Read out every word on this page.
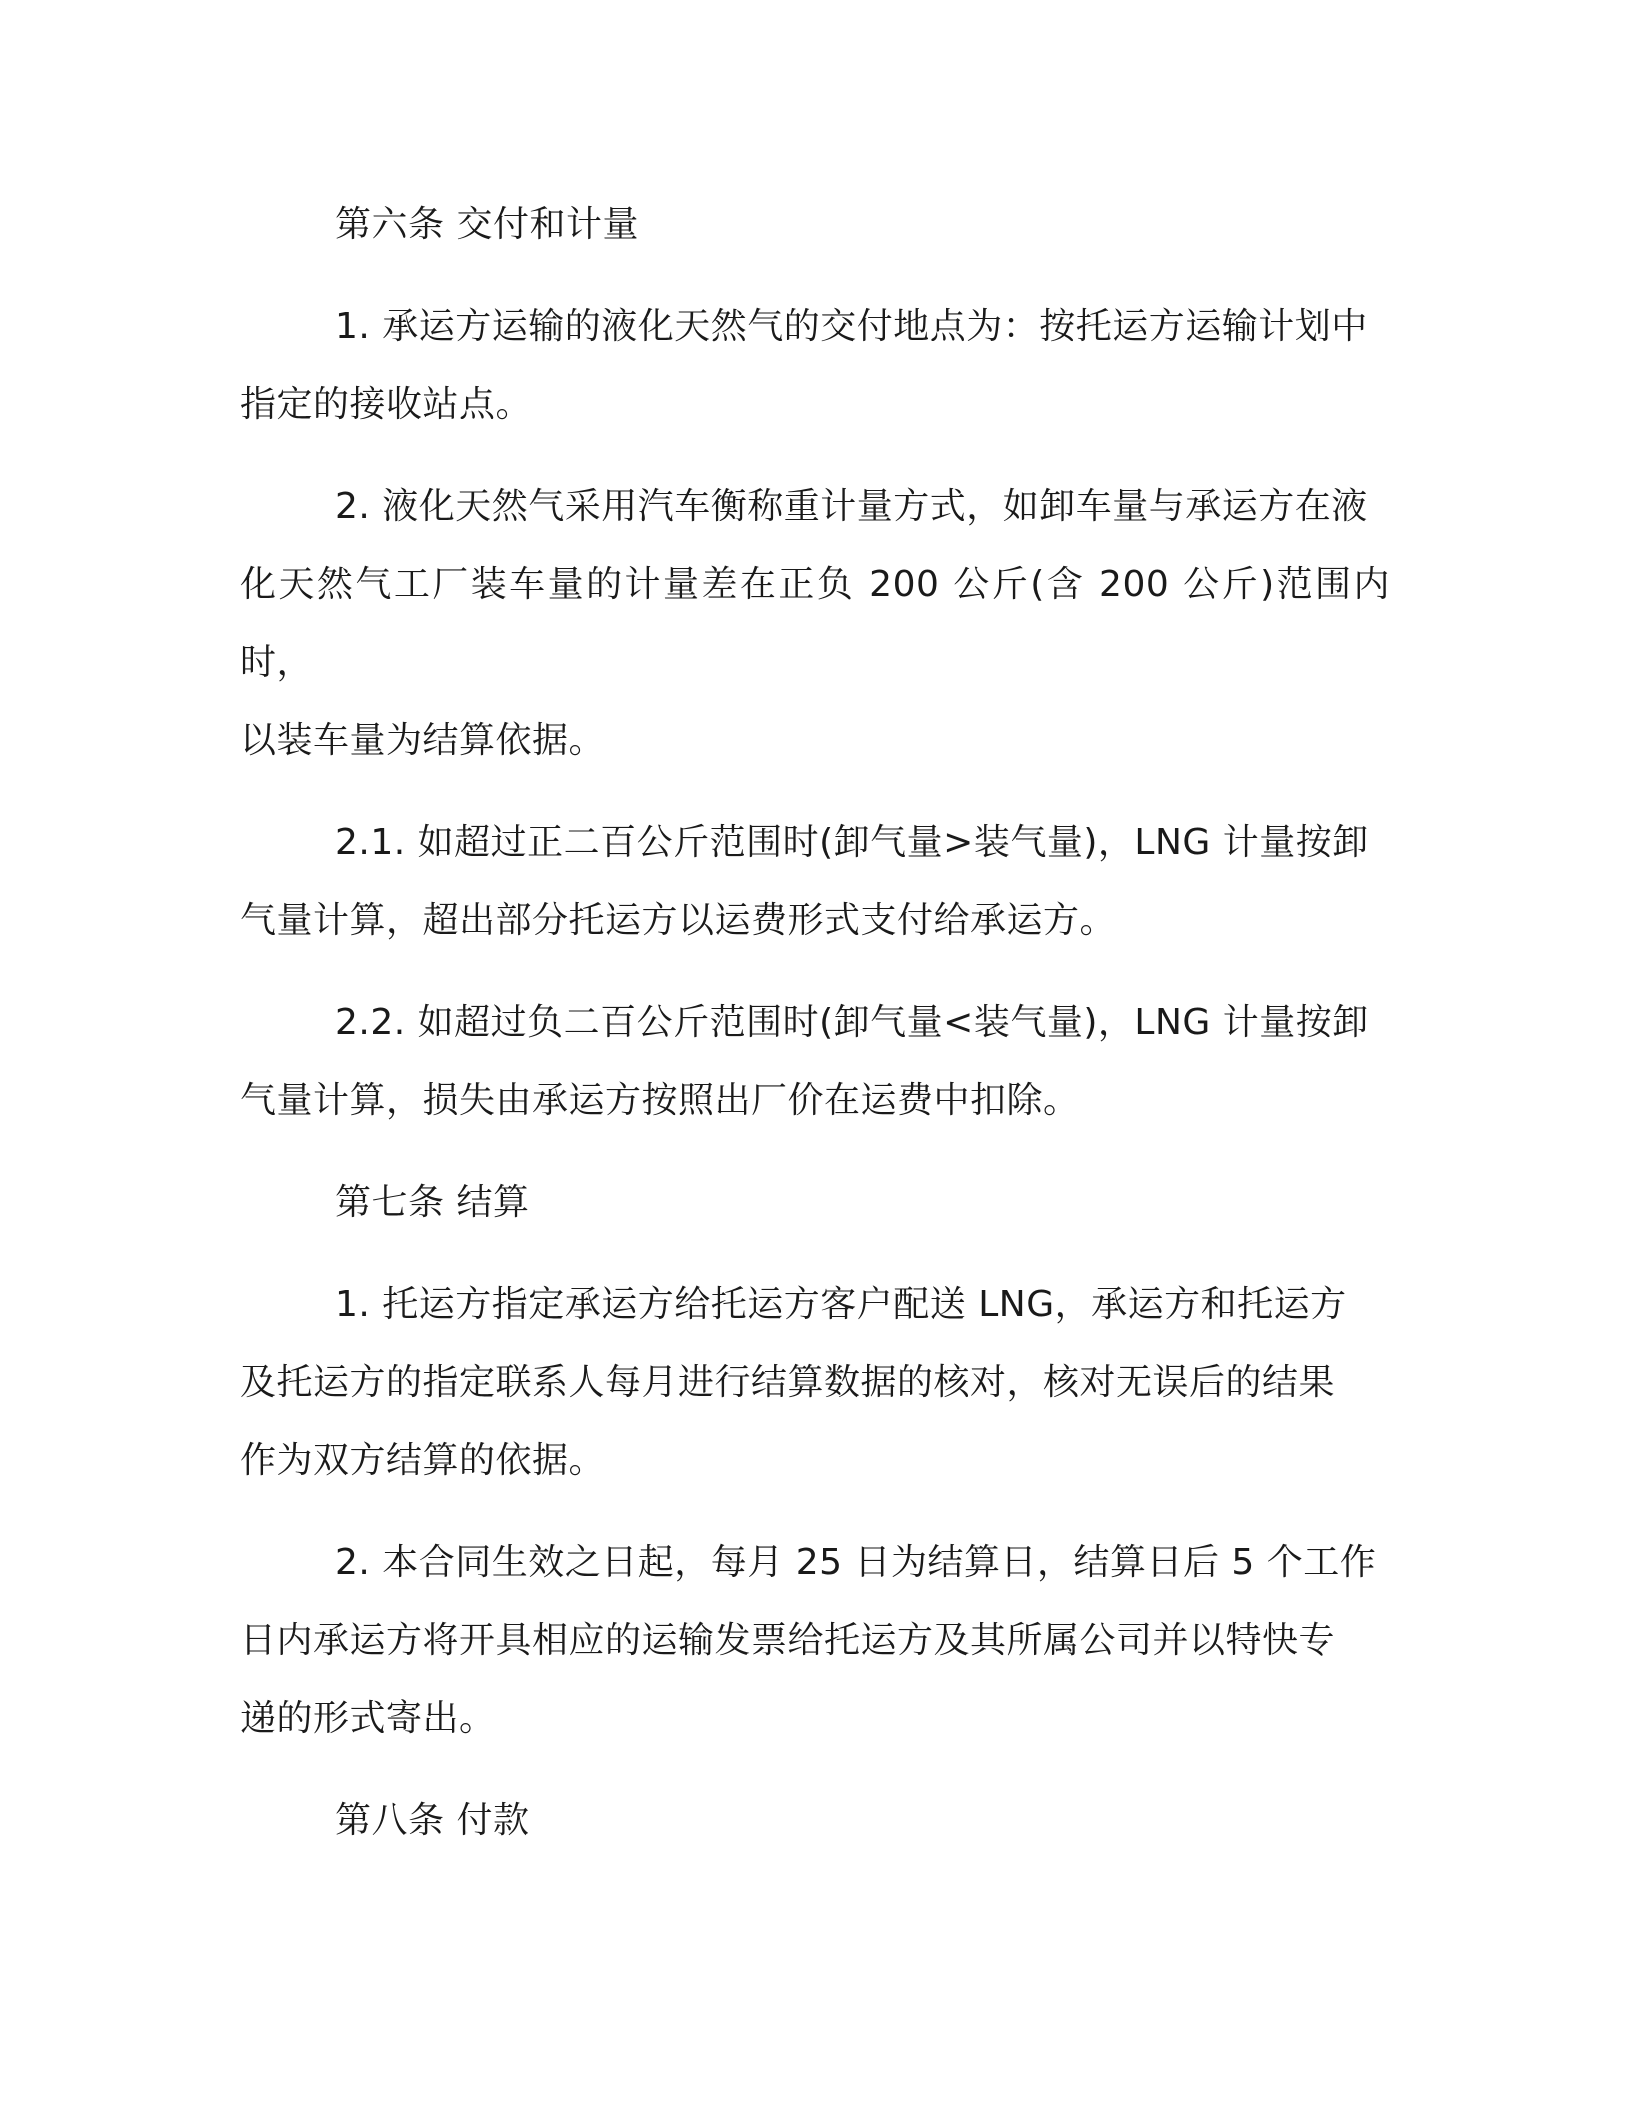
第六条 交付和计量

1. 承运方运输的液化天然气的交付地点为：按托运方运输计划中
指定的接收站点。

2. 液化天然气采用汽车衡称重计量方式，如卸车量与承运方在液
化天然气工厂装车量的计量差在正负 200 公斤(含 200 公斤)范围内时，
以装车量为结算依据。

2.1. 如超过正二百公斤范围时(卸气量>装气量)，LNG 计量按卸
气量计算，超出部分托运方以运费形式支付给承运方。

2.2. 如超过负二百公斤范围时(卸气量<装气量)，LNG 计量按卸
气量计算，损失由承运方按照出厂价在运费中扣除。

第七条 结算

1. 托运方指定承运方给托运方客户配送 LNG，承运方和托运方
及托运方的指定联系人每月进行结算数据的核对，核对无误后的结果
作为双方结算的依据。

2. 本合同生效之日起，每月 25 日为结算日，结算日后 5 个工作
日内承运方将开具相应的运输发票给托运方及其所属公司并以特快专
递的形式寄出。

第八条 付款
